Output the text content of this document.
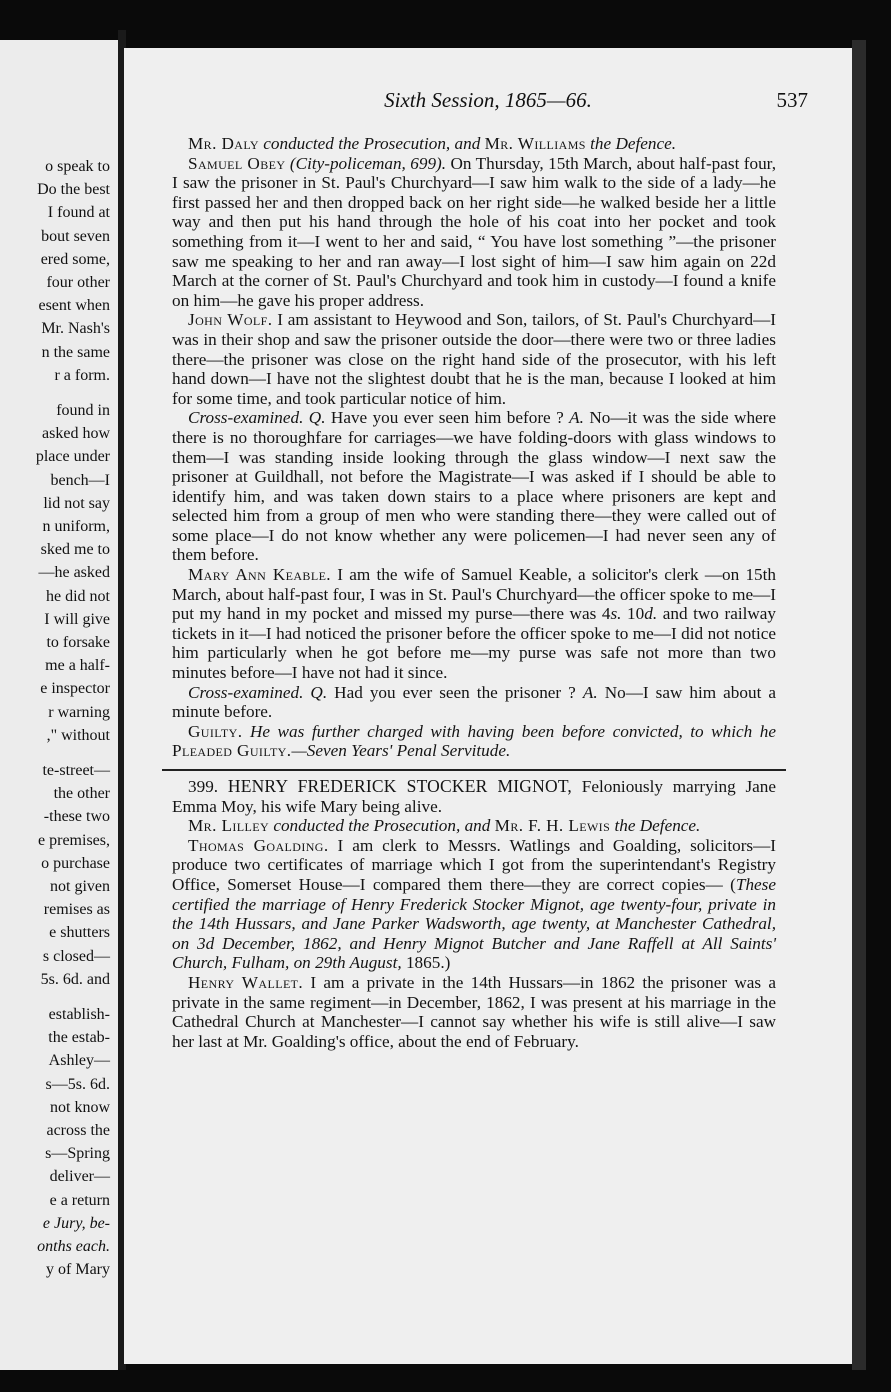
o speak to
Do the best
I found at
bout seven
ered some,
four other
esent when
Mr. Nash's
n the same
r a form.
found in
asked how
place under
bench—I
lid not say
n uniform,
sked me to
—he asked
he did not
I will give
to forsake
me a half-
e inspector
r warning
," without
te-street—
the other
-these two
e premises,
o purchase
not given
remises as
e shutters
s closed—
5s. 6d. and
establish-
the estab-
Ashley—
s—5s. 6d.
not know
across the
s—Spring
deliver—
e a return
e Jury, be-
onths each.
y of Mary
Sixth Session, 1865—66.	537

Mr. Daly conducted the Prosecution, and Mr. Williams the Defence.

Samuel Obey (City-policeman, 699). On Thursday, 15th March, about half-past four, I saw the prisoner in St. Paul's Churchyard—I saw him walk to the side of a lady—he first passed her and then dropped back on her right side—he walked beside her a little way and then put his hand through the hole of his coat into her pocket and took something from it—I went to her and said, “ You have lost something ”—the prisoner saw me speaking to her and ran away—I lost sight of him—I saw him again on 22d March at the corner of St. Paul's Churchyard and took him in custody—I found a knife on him—he gave his proper address.

John Wolf. I am assistant to Heywood and Son, tailors, of St. Paul's Churchyard—I was in their shop and saw the prisoner outside the door—there were two or three ladies there—the prisoner was close on the right hand side of the prosecutor, with his left hand down—I have not the slightest doubt that he is the man, because I looked at him for some time, and took particular notice of him.

Cross-examined. Q. Have you ever seen him before ? A. No—it was the side where there is no thoroughfare for carriages—we have folding-doors with glass windows to them—I was standing inside looking through the glass window—I next saw the prisoner at Guildhall, not before the Magistrate—I was asked if I should be able to identify him, and was taken down stairs to a place where prisoners are kept and selected him from a group of men who were standing there—they were called out of some place—I do not know whether any were policemen—I had never seen any of them before.

Mary Ann Keable. I am the wife of Samuel Keable, a solicitor's clerk —on 15th March, about half-past four, I was in St. Paul's Churchyard—the officer spoke to me—I put my hand in my pocket and missed my purse—there was 4s. 10d. and two railway tickets in it—I had noticed the prisoner before the officer spoke to me—I did not notice him particularly when he got before me—my purse was safe not more than two minutes before—I have not had it since.

Cross-examined. Q. Had you ever seen the prisoner ? A. No—I saw him about a minute before.

Guilty. He was further charged with having been before convicted, to which he Pleaded Guilty.—Seven Years' Penal Servitude.

399. HENRY FREDERICK STOCKER MIGNOT, Feloniously marrying Jane Emma Moy, his wife Mary being alive.

Mr. Lilley conducted the Prosecution, and Mr. F. H. Lewis the Defence.

Thomas Goalding. I am clerk to Messrs. Watlings and Goalding, solicitors—I produce two certificates of marriage which I got from the superintendant's Registry Office, Somerset House—I compared them there—they are correct copies— (These certified the marriage of Henry Frederick Stocker Mignot, age twenty-four, private in the 14th Hussars, and Jane Parker Wadsworth, age twenty, at Manchester Cathedral, on 3d December, 1862, and Henry Mignot Butcher and Jane Raffell at All Saints' Church, Fulham, on 29th August, 1865.)

Henry Wallet. I am a private in the 14th Hussars—in 1862 the prisoner was a private in the same regiment—in December, 1862, I was present at his marriage in the Cathedral Church at Manchester—I cannot say whether his wife is still alive—I saw her last at Mr. Goalding's office, about the end of February.
